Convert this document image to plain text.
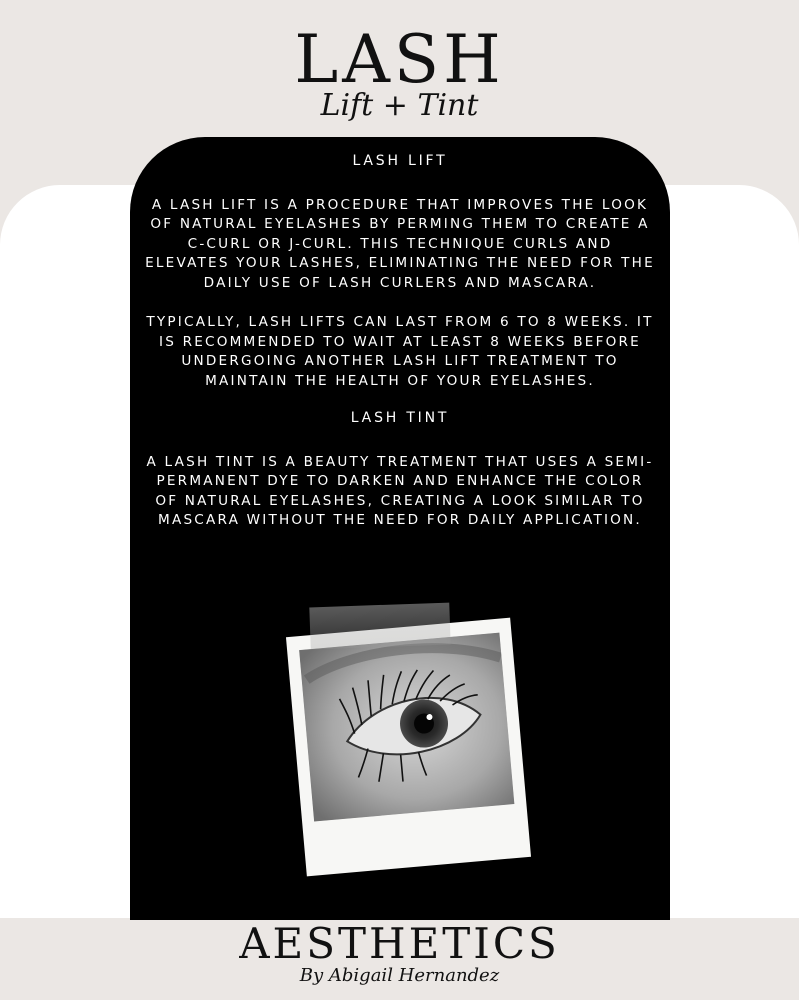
LASH
Lift + Tint
LASH LIFT

A LASH LIFT IS A PROCEDURE THAT IMPROVES THE LOOK OF NATURAL EYELASHES BY PERMING THEM TO CREATE A C-CURL OR J-CURL. THIS TECHNIQUE CURLS AND ELEVATES YOUR LASHES, ELIMINATING THE NEED FOR THE DAILY USE OF LASH CURLERS AND MASCARA.

TYPICALLY, LASH LIFTS CAN LAST FROM 6 TO 8 WEEKS. IT IS RECOMMENDED TO WAIT AT LEAST 8 WEEKS BEFORE UNDERGOING ANOTHER LASH LIFT TREATMENT TO MAINTAIN THE HEALTH OF YOUR EYELASHES.

LASH TINT

A LASH TINT IS A BEAUTY TREATMENT THAT USES A SEMI-PERMANENT DYE TO DARKEN AND ENHANCE THE COLOR OF NATURAL EYELASHES, CREATING A LOOK SIMILAR TO MASCARA WITHOUT THE NEED FOR DAILY APPLICATION.

AESTHETICS
By Abigail Hernandez
